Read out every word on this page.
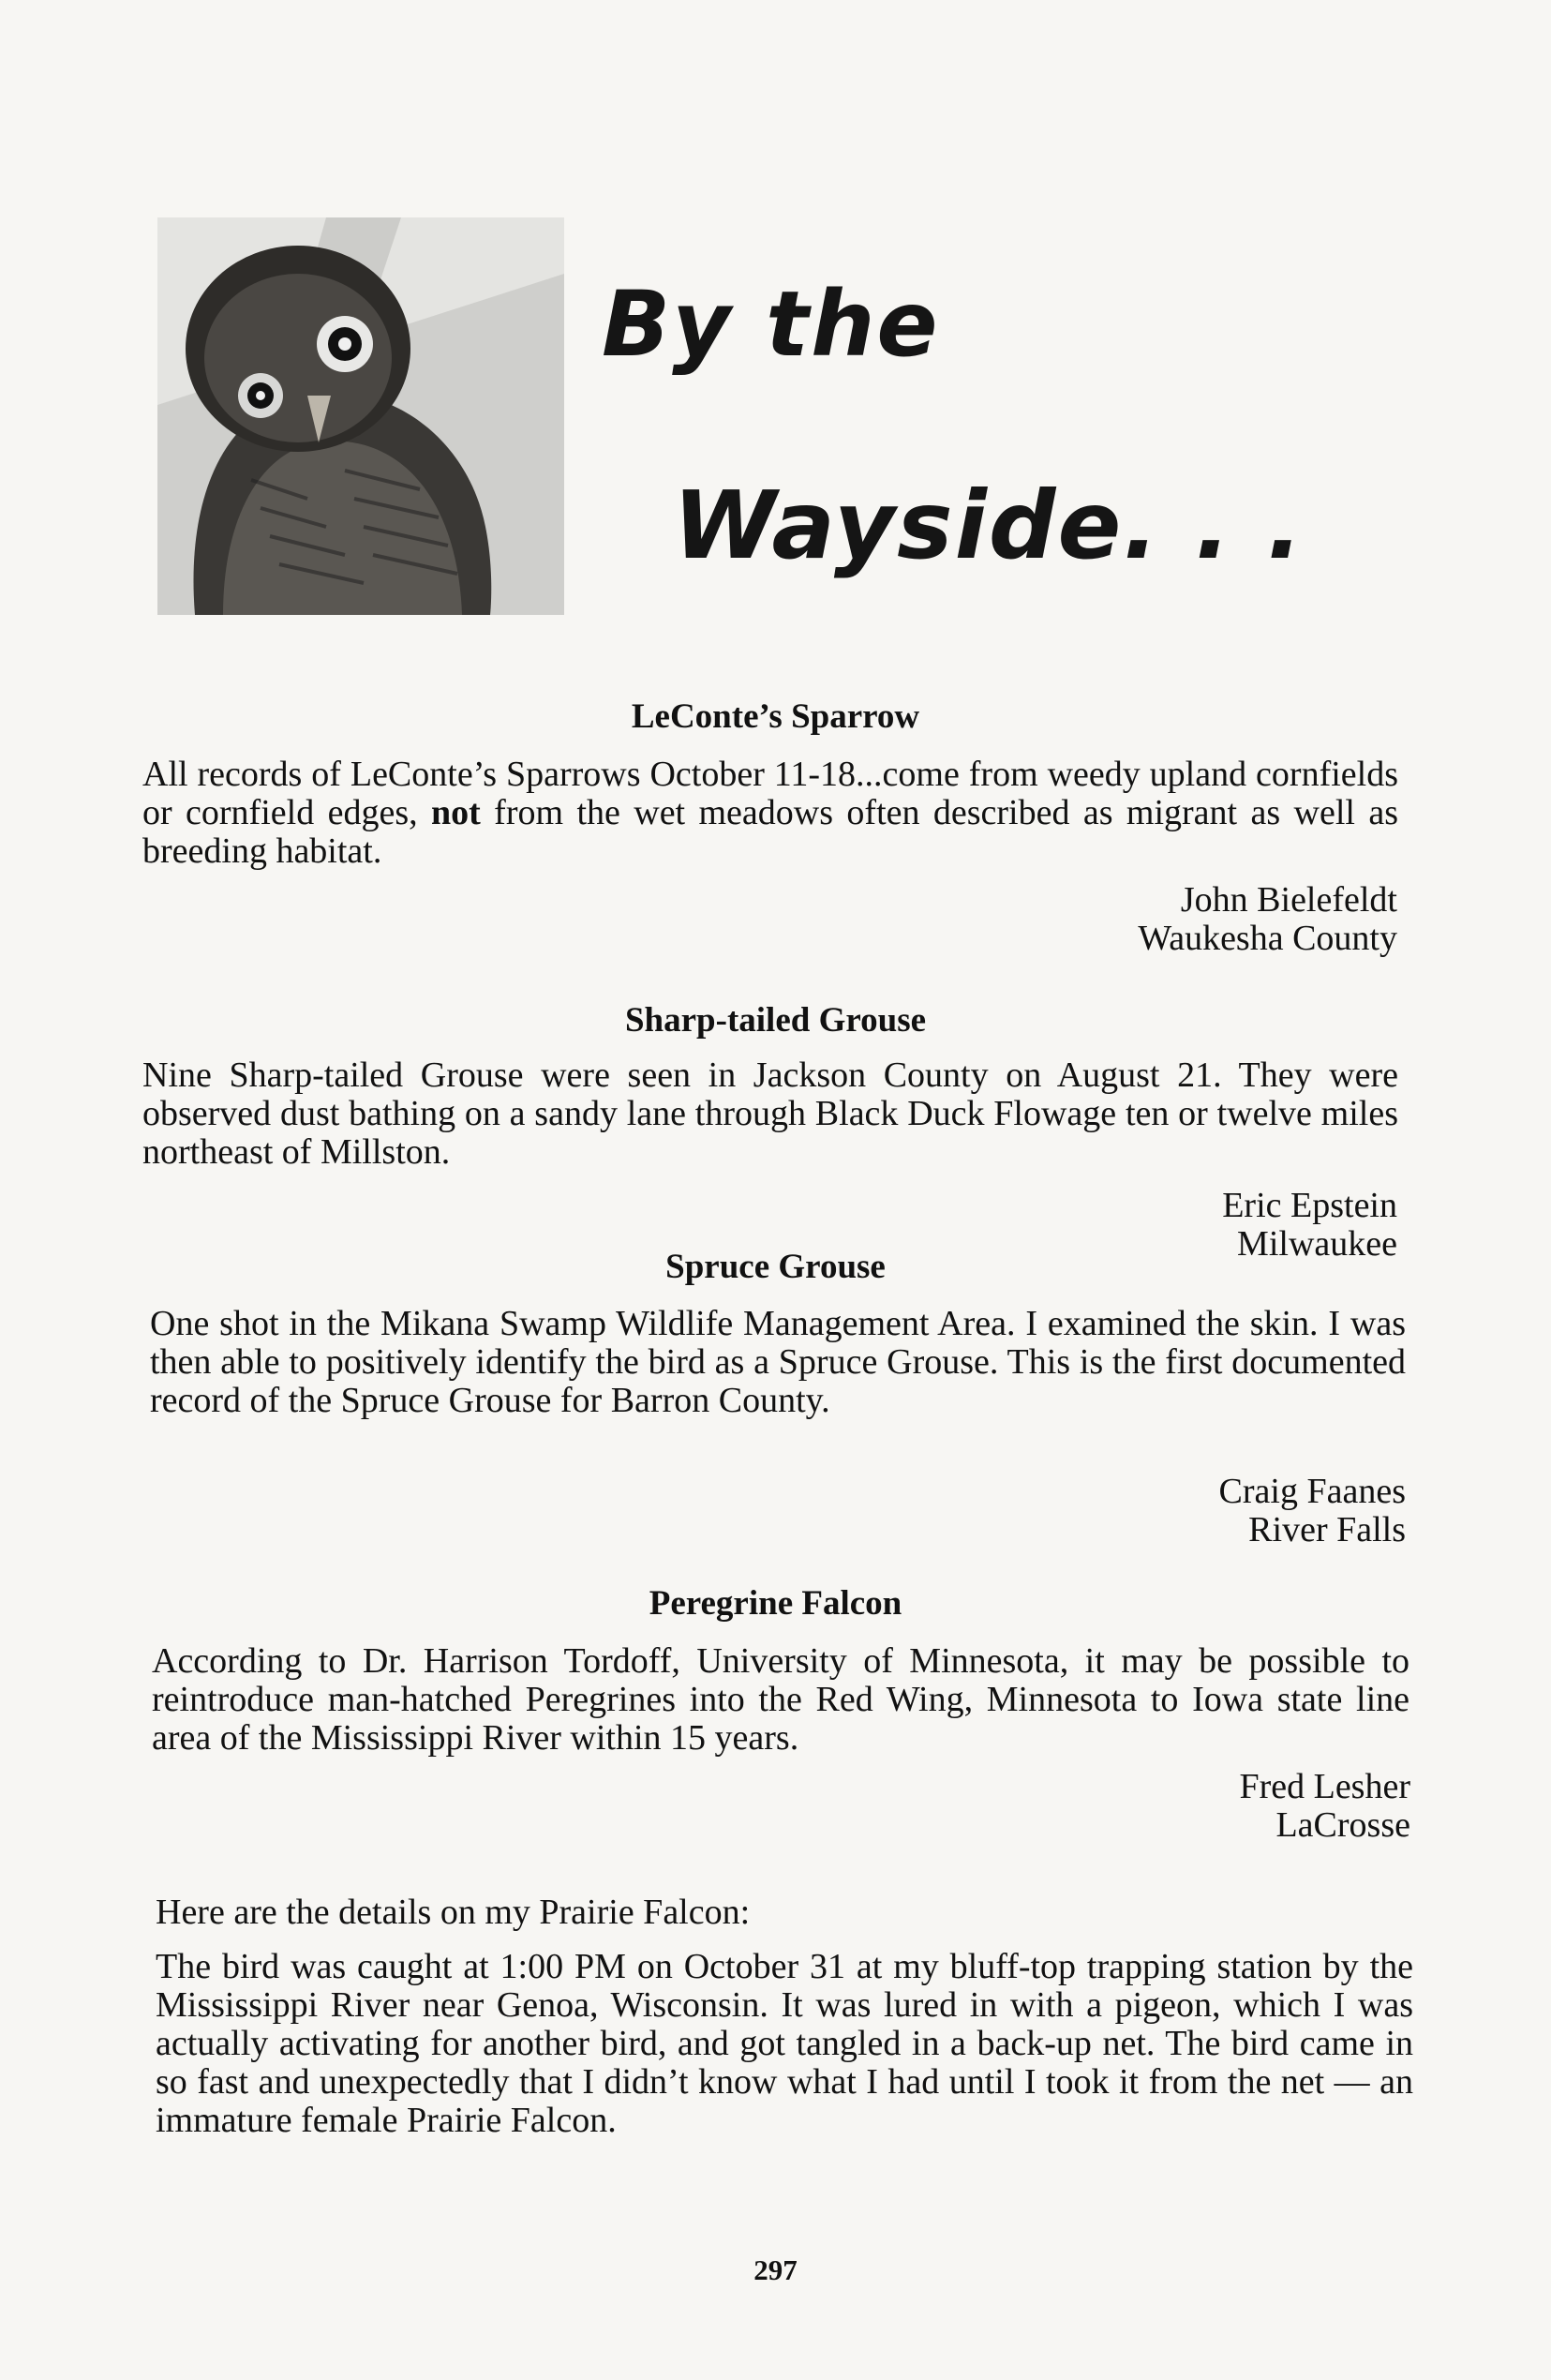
By the
Wayside. . .
LeConte’s Sparrow
All records of LeConte’s Sparrows October 11-18...come from weedy upland cornfields or cornfield edges, not from the wet meadows often described as migrant as well as breeding habitat.
John Bielefeldt
Waukesha County
Sharp-tailed Grouse
Nine Sharp-tailed Grouse were seen in Jackson County on August 21. They were observed dust bathing on a sandy lane through Black Duck Flowage ten or twelve miles northeast of Millston.
Eric Epstein
Milwaukee
Spruce Grouse
One shot in the Mikana Swamp Wildlife Management Area. I examined the skin. I was then able to positively identify the bird as a Spruce Grouse. This is the first documented record of the Spruce Grouse for Barron County.
Craig Faanes
River Falls
Peregrine Falcon
According to Dr. Harrison Tordoff, University of Minnesota, it may be possible to reintroduce man-hatched Peregrines into the Red Wing, Minnesota to Iowa state line area of the Mississippi River within 15 years.
Fred Lesher
LaCrosse
Here are the details on my Prairie Falcon:
The bird was caught at 1:00 PM on October 31 at my bluff-top trapping station by the Mississippi River near Genoa, Wisconsin. It was lured in with a pigeon, which I was actually activating for another bird, and got tangled in a back-up net. The bird came in so fast and unexpectedly that I didn’t know what I had until I took it from the net — an immature female Prairie Falcon.
297
